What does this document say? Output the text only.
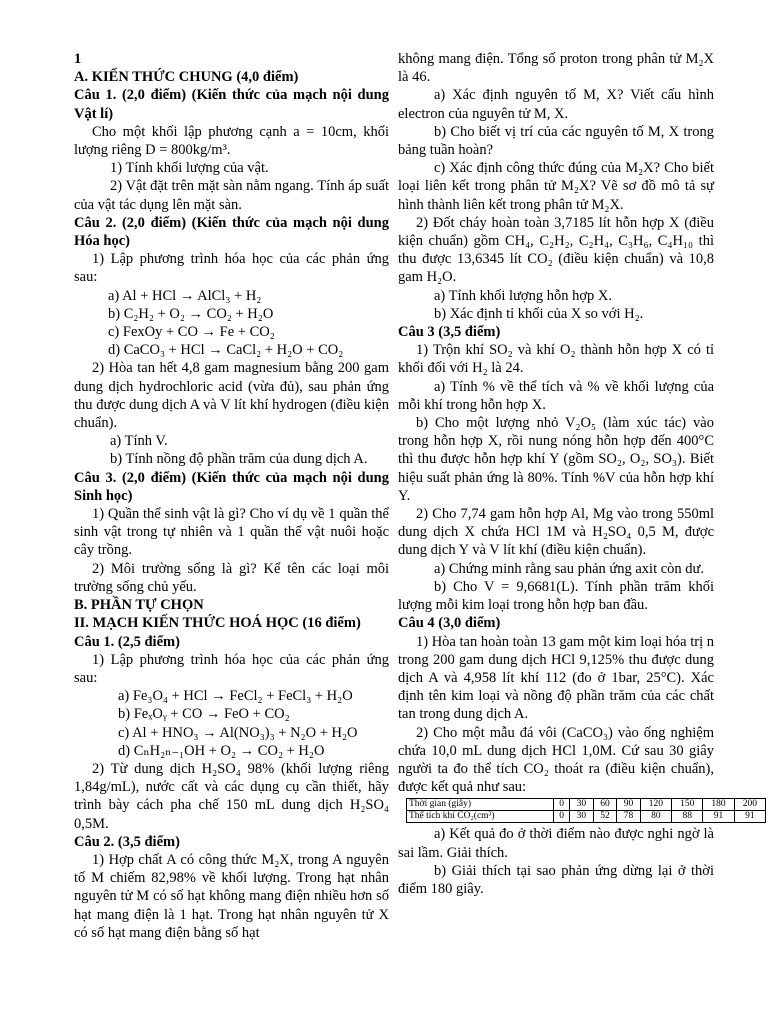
1

A. KIẾN THỨC CHUNG (4,0 điểm)

Câu 1. (2,0 điểm) (Kiến thức của mạch nội dung Vật lí)

Cho một khối lập phương cạnh a = 10cm, khối lượng riêng D = 800kg/m³.

1) Tính khối lượng của vật.

2) Vật đặt trên mặt sàn nằm ngang. Tính áp suất của vật tác dụng lên mặt sàn.

Câu 2. (2,0 điểm) (Kiến thức của mạch nội dung Hóa học)

1) Lập phương trình hóa học của các phản ứng sau:

a) Al + HCl → AlCl₃ + H₂

b) C₂H₂ + O₂ → CO₂ + H₂O

c) FexOy + CO → Fe + CO₂

d) CaCO₃ + HCl → CaCl₂ + H₂O + CO₂

2) Hòa tan hết 4,8 gam magnesium bằng 200 gam dung dịch hydrochloric acid (vừa đủ), sau phản ứng thu được dung dịch A và V lít khí hydrogen (điều kiện chuẩn).

a) Tính V.

b) Tính nồng độ phần trăm của dung dịch A.

Câu 3. (2,0 điểm) (Kiến thức của mạch nội dung Sinh học)

1) Quần thể sinh vật là gì? Cho ví dụ về 1 quần thể sinh vật trong tự nhiên và 1 quần thể vật nuôi hoặc cây trồng.

2) Môi trường sống là gì? Kể tên các loại môi trường sống chủ yếu.

B. PHẦN TỰ CHỌN

II. MẠCH KIẾN THỨC HOÁ HỌC (16 điểm)

Câu 1. (2,5 điểm)

1) Lập phương trình hóa học của các phản ứng sau:

a) Fe₃O₄ + HCl → FeCl₂ + FeCl₃ + H₂O

b) FeₓOᵧ + CO → FeO + CO₂

c) Al + HNO₃ → Al(NO₃)₃ + N₂O + H₂O

d) CₙH₂ₙ₋₁OH + O₂ → CO₂ + H₂O

2) Từ dung dịch H₂SO₄ 98% (khối lượng riêng 1,84g/mL), nước cất và các dụng cụ cần thiết, hãy trình bày cách pha chế 150 mL dung dịch H₂SO₄ 0,5M.

Câu 2. (3,5 điểm)

1) Hợp chất A có công thức M₂X, trong A nguyên tố M chiếm 82,98% về khối lượng. Trong hạt nhân nguyên tử M có số hạt không mang điện nhiều hơn số hạt mang điện là 1 hạt. Trong hạt nhân nguyên tử X có số hạt mang điện bằng số hạt

không mang điện. Tổng số proton trong phân tử M₂X là 46.

a) Xác định nguyên tố M, X? Viết cấu hình electron của nguyên tử M, X.

b) Cho biết vị trí của các nguyên tố M, X trong bảng tuần hoàn?

c) Xác định công thức đúng của M₂X? Cho biết loại liên kết trong phân tử M₂X? Vẽ sơ đồ mô tả sự hình thành liên kết trong phân tử M₂X.

2) Đốt cháy hoàn toàn 3,7185 lít hỗn hợp X (điều kiện chuẩn) gồm CH₄, C₂H₂, C₂H₄, C₃H₆, C₄H₁₀ thì thu được 13,6345 lít CO₂ (điều kiện chuẩn) và 10,8 gam H₂O.

a) Tính khối lượng hỗn hợp X.

b) Xác định tỉ khối của X so với H₂.

Câu 3 (3,5 điểm)

1) Trộn khí SO₂ và khí O₂ thành hỗn hợp X có tỉ khối đối với H₂ là 24.

a) Tính % về thể tích và % về khối lượng của mỗi khí trong hỗn hợp X.

b) Cho một lượng nhỏ V₂O₅ (làm xúc tác) vào trong hỗn hợp X, rồi nung nóng hỗn hợp đến 400°C thì thu được hỗn hợp khí Y (gồm SO₂, O₂, SO₃). Biết hiệu suất phản ứng là 80%. Tính %V của hỗn hợp khí Y.

2) Cho 7,74 gam hỗn hợp Al, Mg vào trong 550ml dung dịch X chứa HCl 1M và H₂SO₄ 0,5 M, được dung dịch Y và V lít khí (điều kiện chuẩn).

a) Chứng minh rằng sau phản ứng axit còn dư.

b) Cho V = 9,6681(L). Tính phần trăm khối lượng mỗi kim loại trong hỗn hợp ban đầu.

Câu 4 (3,0 điểm)

1) Hòa tan hoàn toàn 13 gam một kim loại hóa trị n trong 200 gam dung dịch HCl 9,125% thu được dung dịch A và 4,958 lít khí 112 (đo ở 1bar, 25°C). Xác định tên kim loại và nồng độ phần trăm của các chất tan trong dung dịch A.

2) Cho một mẫu đá vôi (CaCO₃) vào ống nghiệm chứa 10,0 mL dung dịch HCl 1,0M. Cứ sau 30 giây người ta đo thể tích CO₂ thoát ra (điều kiện chuẩn), được kết quả như sau:

Thời gian (giây)	0	30	60	90	120	150	180	200
Thể tích khí CO₂(cm³)	0	30	52	78	80	88	91	91

a) Kết quả đo ở thời điểm nào được nghi ngờ là sai lầm. Giải thích.

b) Giải thích tại sao phản ứng dừng lại ở thời điểm 180 giây.
